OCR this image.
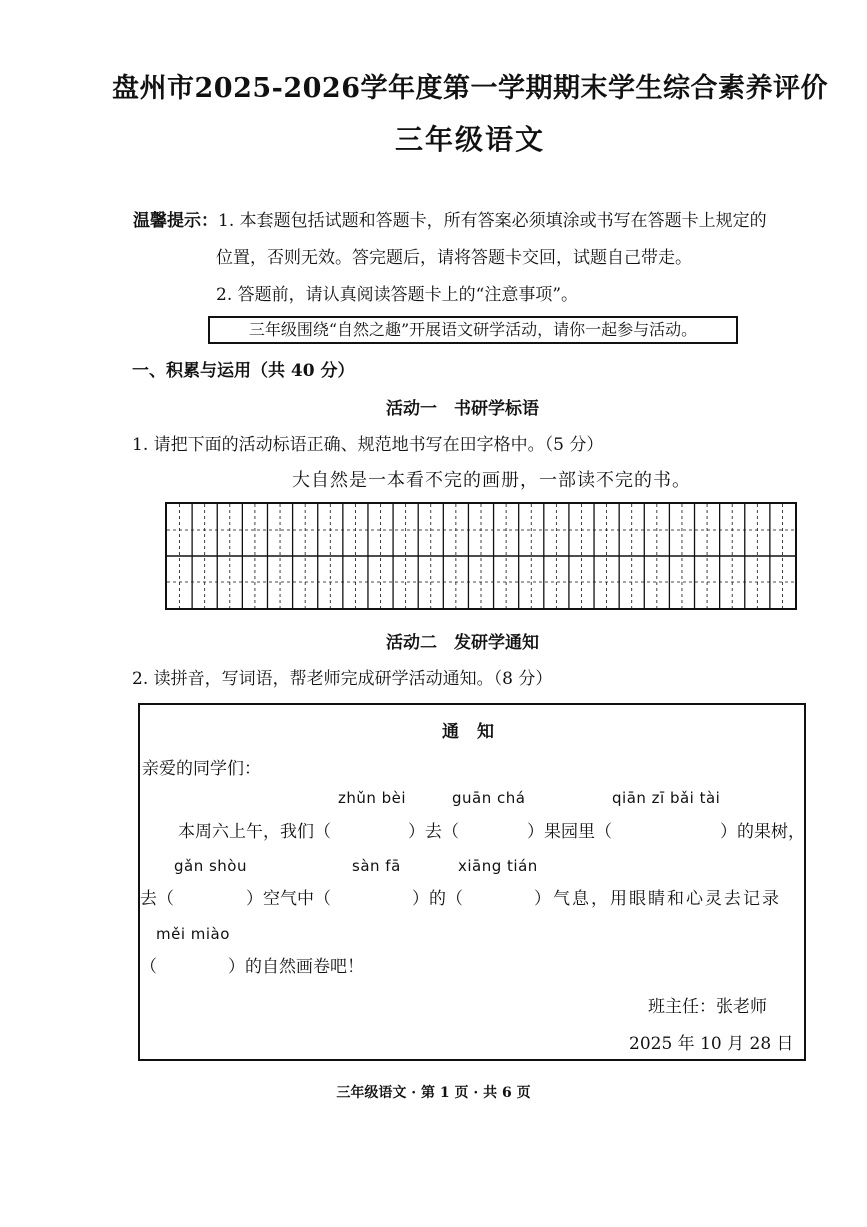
盘州市2025-2026学年度第一学期期末学生综合素养评价
三年级语文
温馨提示：1. 本套题包括试题和答题卡，所有答案必须填涂或书写在答题卡上规定的
位置，否则无效。答完题后，请将答题卡交回，试题自己带走。
2. 答题前，请认真阅读答题卡上的“注意事项”。
三年级围绕“自然之趣”开展语文研学活动，请你一起参与活动。
一、积累与运用（共 40 分）
活动一　书研学标语
1. 请把下面的活动标语正确、规范地书写在田字格中。（5 分）
大自然是一本看不完的画册，一部读不完的书。
活动二　发研学通知
2. 读拼音，写词语，帮老师完成研学活动通知。（8 分）
通知
亲爱的同学们：
zhǔn bèi	guān chá	qiān zī bǎi tài
本周六上午，我们（	）去（	）果园里（	）的果树，
gǎn shòu	sàn fā	xiāng tián
去（	）空气中（	）的（	）气息，用眼睛和心灵去记录
měi miào
（	）的自然画卷吧！
班主任：张老师
2025 年 10 月 28 日
三年级语文 · 第 1 页 · 共 6 页
